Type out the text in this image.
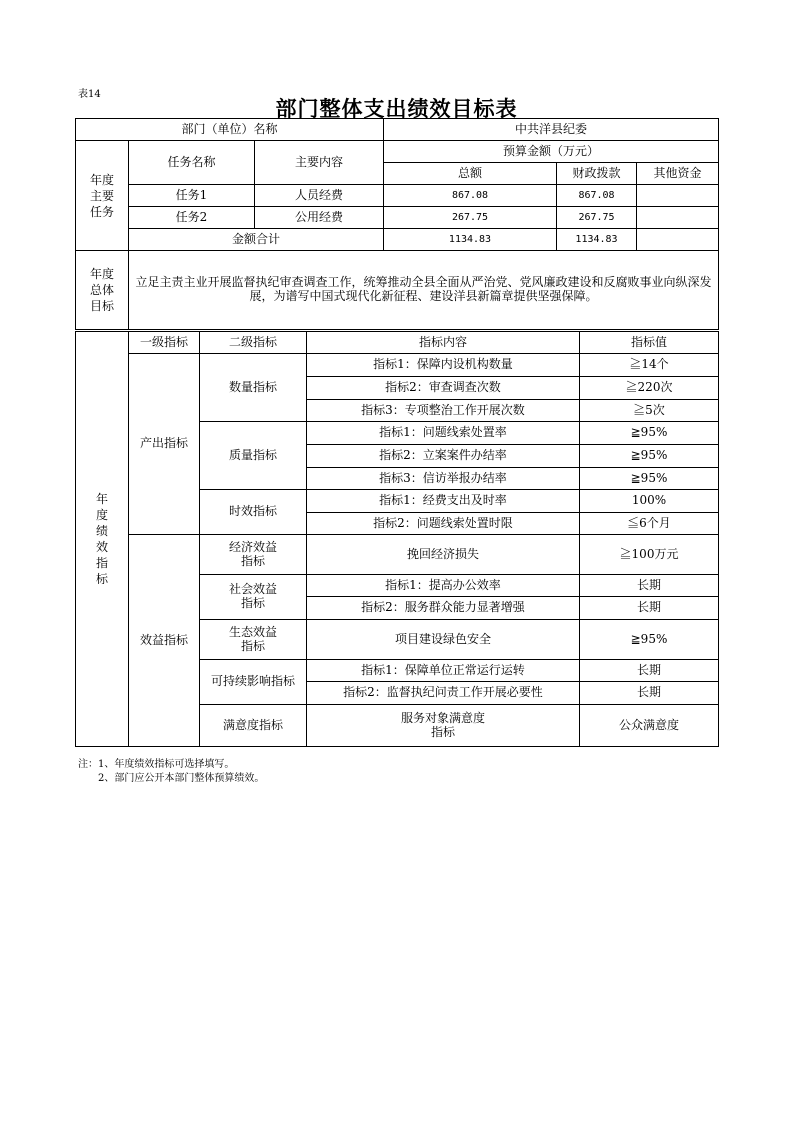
表14
部门整体支出绩效目标表
部门（单位）名称			中共洋县纪委		
年度主要任务	任务名称	主要内容	预算金额（万元）		
			总额	财政拨款	其他资金
	任务1	人员经费	867.08	867.08	
	任务2	公用经费	267.75	267.75	
	金额合计		1134.83	1134.83	
年度总体目标	立足主责主业开展监督执纪审查调查工作，统筹推动全县全面从严治党、党风廉政建设和反腐败事业向纵深发展，为谱写中国式现代化新征程、建设洋县新篇章提供坚强保障。				
年度绩效指标	一级指标	二级指标	指标内容	指标值	
	产出指标	数量指标	指标1：保障内设机构数量	≧14个	
			指标2：审查调查次数	≧220次	
			指标3：专项整治工作开展次数	≧5次	
		质量指标	指标1：问题线索处置率	≧95%	
			指标2：立案案件办结率	≧95%	
			指标3：信访举报办结率	≧95%	
		时效指标	指标1：经费支出及时率	100%	
			指标2：问题线索处置时限	≦6个月	
	效益指标	经济效益指标	挽回经济损失	≧100万元	
		社会效益指标	指标1：提高办公效率	长期	
			指标2：服务群众能力显著增强	长期	
		生态效益指标	项目建设绿色安全	≧95%	
		可持续影响指标	指标1：保障单位正常运行运转	长期	
			指标2：监督执纪问责工作开展必要性	长期	
		满意度指标	服务对象满意度指标	公众满意度	
注：1、年度绩效指标可选择填写。
2、部门应公开本部门整体预算绩效。
